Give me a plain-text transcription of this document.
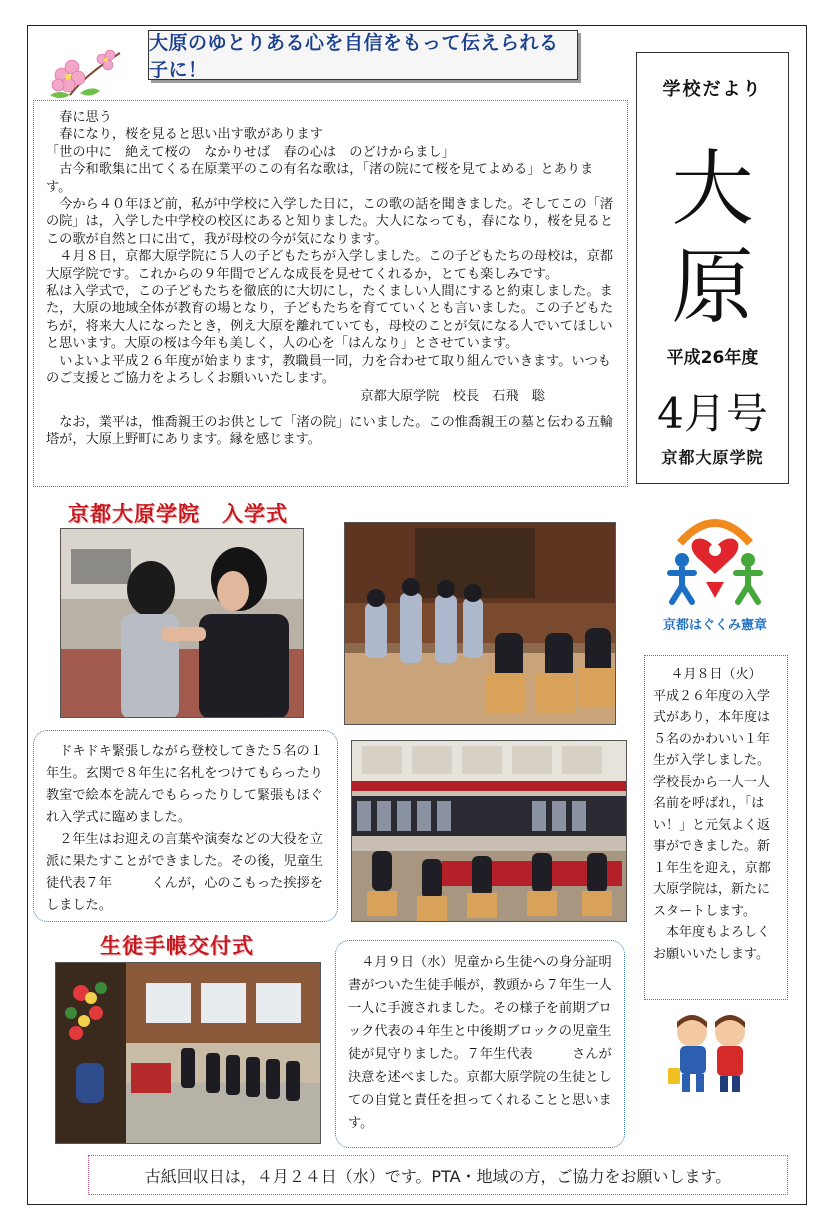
大原のゆとりある心を自信をもって伝えられる子に！

春に思う

春になり，桜を見ると思い出す歌があります

「世の中に　絶えて桜の　なかりせば　春の心は　のどけからまし」

古今和歌集に出てくる在原業平のこの有名な歌は，「渚の院にて桜を見てよめる」とあります。

今から４０年ほど前，私が中学校に入学した日に，この歌の話を聞きました。そしてこの「渚の院」は，入学した中学校の校区にあると知りました。大人になっても，春になり，桜を見るとこの歌が自然と口に出て，我が母校の今が気になります。

４月８日，京都大原学院に５人の子どもたちが入学しました。この子どもたちの母校は，京都大原学院です。これからの９年間でどんな成長を見せてくれるか，とても楽しみです。

私は入学式で，この子どもたちを徹底的に大切にし，たくましい人間にすると約束しました。また，大原の地域全体が教育の場となり，子どもたちを育てていくとも言いました。この子どもたちが，将来大人になったとき，例え大原を離れていても，母校のことが気になる人でいてほしいと思います。大原の桜は今年も美しく，人の心を「はんなり」とさせています。

いよいよ平成２６年度が始まります，教職員一同，力を合わせて取り組んでいきます。いつものご支援とご協力をよろしくお願いいたします。

京都大原学院　校長　石飛　聡

なお，業平は，惟喬親王のお供として「渚の院」にいました。この惟喬親王の墓と伝わる五輪塔が，大原上野町にあります。縁を感じます。

学校だより
大
原
平成26年度
4月号
京都大原学院
京都大原学院　入学式
ドキドキ緊張しながら登校してきた５名の１年生。玄関で８年生に名札をつけてもらったり教室で絵本を読んでもらったりして緊張もほぐれ入学式に臨めました。
２年生はお迎えの言葉や演奏などの大役を立派に果たすことができました。その後，児童生徒代表７年　　　くんが，心のこもった挨拶をしました。
京都はぐくみ憲章
４月８日（火）
平成２６年度の入学式があり，本年度は５名のかわいい１年生が入学しました。学校長から一人一人名前を呼ばれ，「はい！」と元気よく返事ができました。新１年生を迎え，京都大原学院は，新たにスタートします。
本年度もよろしくお願いいたします。
生徒手帳交付式
４月９日（水）児童から生徒への身分証明書がついた生徒手帳が，教頭から７年生一人一人に手渡されました。その様子を前期ブロック代表の４年生と中後期ブロックの児童生徒が見守りました。７年生代表　　　さんが決意を述べました。京都大原学院の生徒としての自覚と責任を担ってくれることと思います。
古紙回収日は，４月２４日（水）です。PTA・地域の方，ご協力をお願いします。
